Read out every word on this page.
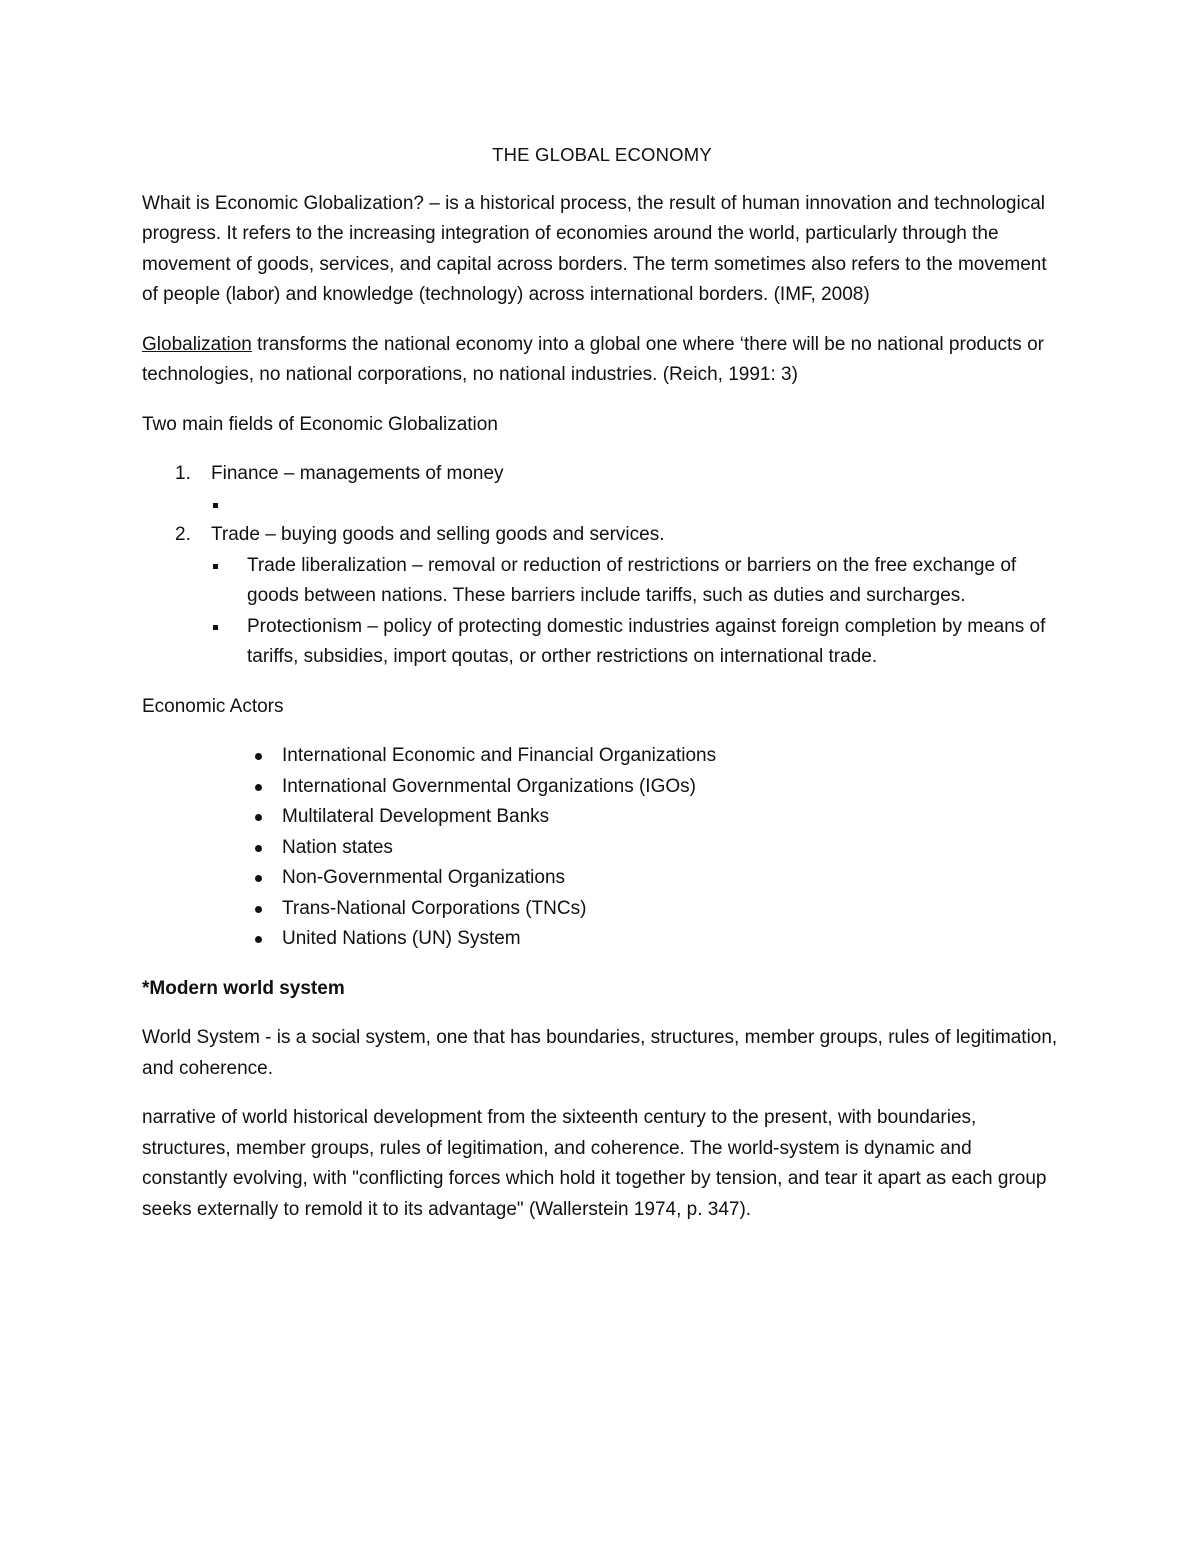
THE GLOBAL ECONOMY

Whait is Economic Globalization? – is a historical process, the result of human innovation and technological progress. It refers to the increasing integration of economies around the world, particularly through the movement of goods, services, and capital across borders. The term sometimes also refers to the movement of people (labor) and knowledge (technology) across international borders. (IMF, 2008)

Globalization transforms the national economy into a global one where ‘there will be no national products or technologies, no national corporations, no national industries. (Reich, 1991: 3)

Two main fields of Economic Globalization

1. Finance – managements of money
2. Trade – buying goods and selling goods and services.
Trade liberalization – removal or reduction of restrictions or barriers on the free exchange of goods between nations. These barriers include tariffs, such as duties and surcharges.
Protectionism – policy of protecting domestic industries against foreign completion by means of tariffs, subsidies, import qoutas, or orther restrictions on international trade.

Economic Actors

International Economic and Financial Organizations
International Governmental Organizations (IGOs)
Multilateral Development Banks
Nation states
Non-Governmental Organizations
Trans-National Corporations (TNCs)
United Nations (UN) System

*Modern world system

World System - is a social system, one that has boundaries, structures, member groups, rules of legitimation, and coherence.

narrative of world historical development from the sixteenth century to the present, with boundaries, structures, member groups, rules of legitimation, and coherence. The world-system is dynamic and constantly evolving, with "conflicting forces which hold it together by tension, and tear it apart as each group seeks externally to remold it to its advantage" (Wallerstein 1974, p. 347).
